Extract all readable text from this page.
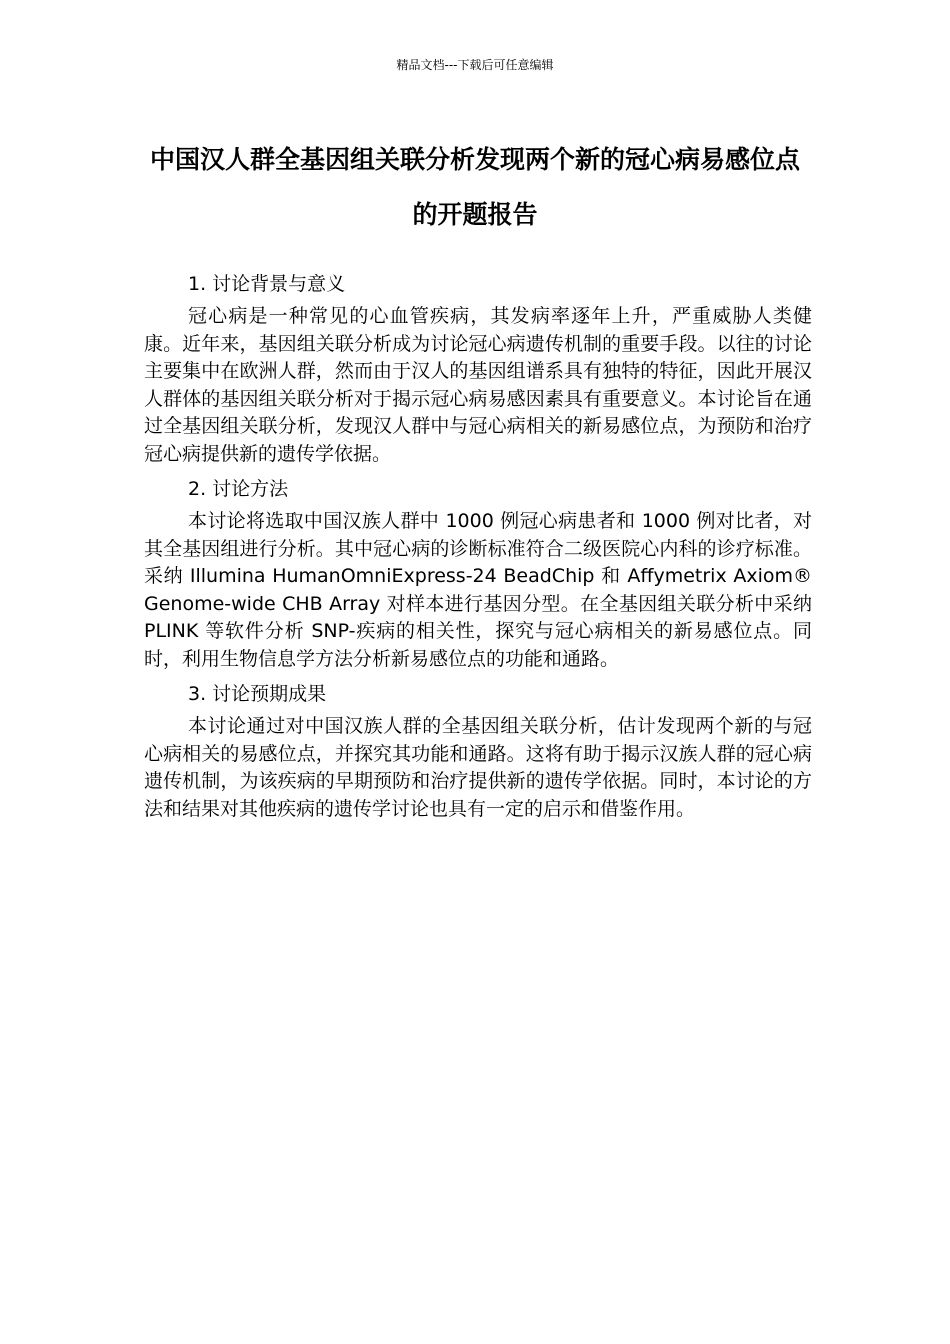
精品文档---下载后可任意编辑
中国汉人群全基因组关联分析发现两个新的冠心病易感位点的开题报告

1. 讨论背景与意义

冠心病是一种常见的心血管疾病，其发病率逐年上升，严重威胁人类健康。近年来，基因组关联分析成为讨论冠心病遗传机制的重要手段。以往的讨论主要集中在欧洲人群，然而由于汉人的基因组谱系具有独特的特征，因此开展汉人群体的基因组关联分析对于揭示冠心病易感因素具有重要意义。本讨论旨在通过全基因组关联分析，发现汉人群中与冠心病相关的新易感位点，为预防和治疗冠心病提供新的遗传学依据。

2. 讨论方法

本讨论将选取中国汉族人群中 1000 例冠心病患者和 1000 例对比者，对其全基因组进行分析。其中冠心病的诊断标准符合二级医院心内科的诊疗标准。采纳 Illumina HumanOmniExpress-24 BeadChip 和 Affymetrix Axiom® Genome-wide CHB Array 对样本进行基因分型。在全基因组关联分析中采纳 PLINK 等软件分析 SNP-疾病的相关性，探究与冠心病相关的新易感位点。同时，利用生物信息学方法分析新易感位点的功能和通路。

3. 讨论预期成果

本讨论通过对中国汉族人群的全基因组关联分析，估计发现两个新的与冠心病相关的易感位点，并探究其功能和通路。这将有助于揭示汉族人群的冠心病遗传机制，为该疾病的早期预防和治疗提供新的遗传学依据。同时，本讨论的方法和结果对其他疾病的遗传学讨论也具有一定的启示和借鉴作用。
